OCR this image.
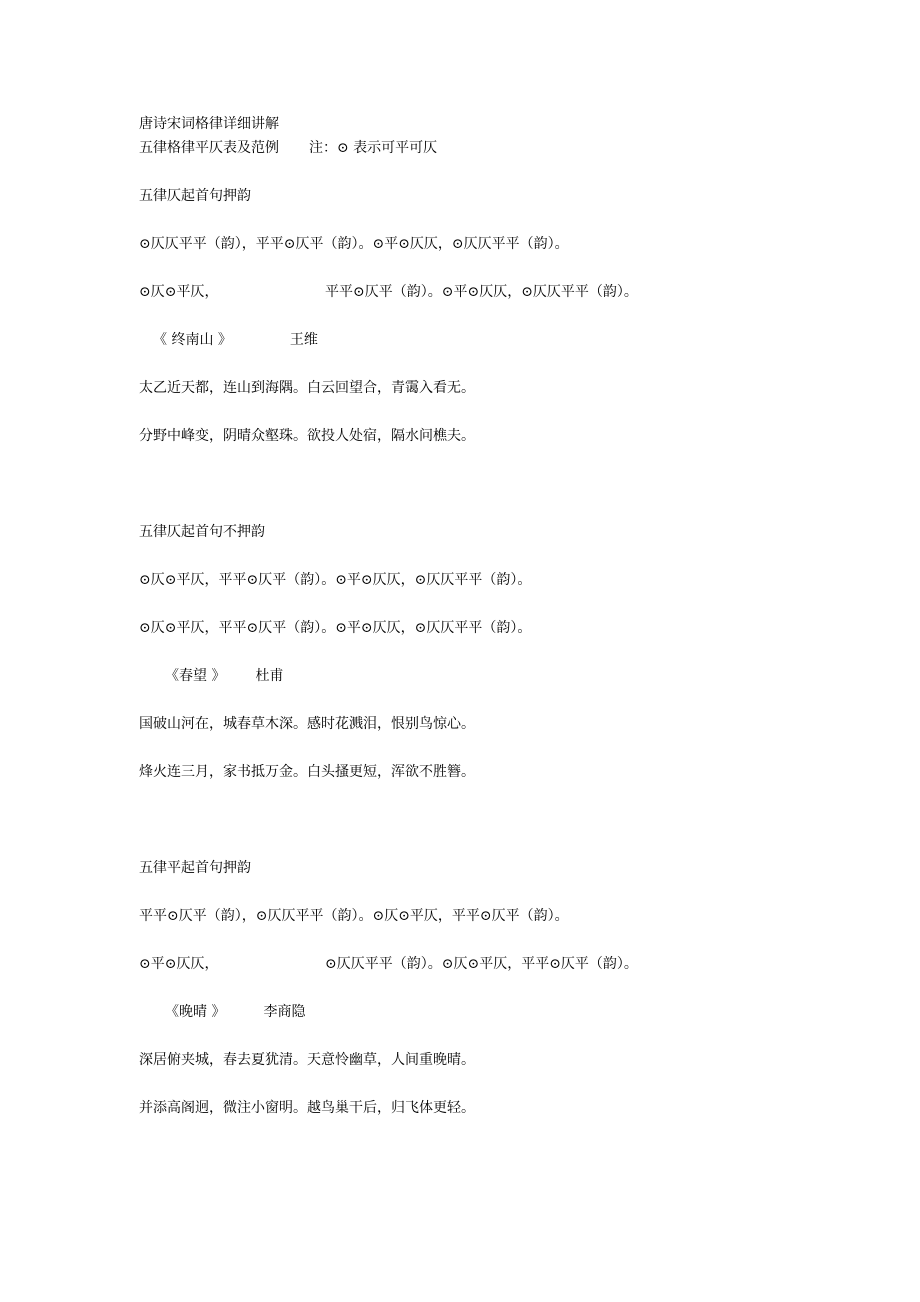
唐诗宋词格律详细讲解
五律格律平仄表及范例 注：⊙ 表示可平可仄
五律仄起首句押韵
⊙仄仄平平（韵），平平⊙仄平（韵）。⊙平⊙仄仄，⊙仄仄平平（韵）。
⊙仄⊙平仄，	平平⊙仄平（韵）。⊙平⊙仄仄，⊙仄仄平平（韵）。
《 终南山 》	王维
太乙近天都，连山到海隅。白云回望合，青霭入看无。
分野中峰变，阴晴众壑珠。欲投人处宿，隔水问樵夫。
五律仄起首句不押韵
⊙仄⊙平仄，平平⊙仄平（韵）。⊙平⊙仄仄，⊙仄仄平平（韵）。
⊙仄⊙平仄，平平⊙仄平（韵）。⊙平⊙仄仄，⊙仄仄平平（韵）。
《春望 》 杜甫
国破山河在，城春草木深。感时花溅泪，恨别鸟惊心。
烽火连三月，家书抵万金。白头搔更短，浑欲不胜簪。
五律平起首句押韵
平平⊙仄平（韵），⊙仄仄平平（韵）。⊙仄⊙平仄，平平⊙仄平（韵）。
⊙平⊙仄仄，	⊙仄仄平平（韵）。⊙仄⊙平仄，平平⊙仄平（韵）。
《晚晴 》	李商隐
深居俯夹城，春去夏犹清。天意怜幽草，人间重晚晴。
并添高阁迥，微注小窗明。越鸟巢干后，归飞体更轻。
